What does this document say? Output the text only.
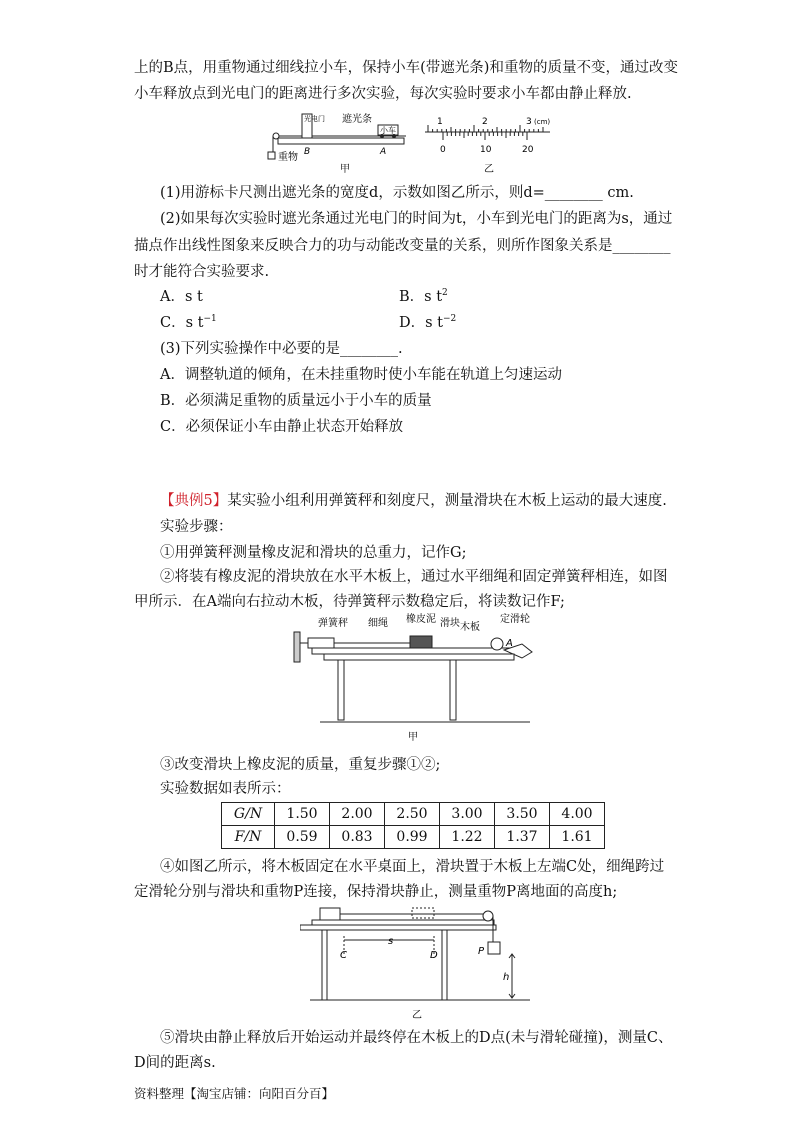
上的B点，用重物通过细线拉小车，保持小车(带遮光条)和重物的质量不变，通过改变
小车释放点到光电门的距离进行多次实验，每次实验时要求小车都由静止释放.
光电门 遮光条
小车
重物 B	A
甲
1	2	3 (cm)
0	10	20
乙
(1)用游标卡尺测出遮光条的宽度d，示数如图乙所示，则d=________ cm.
(2)如果每次实验时遮光条通过光电门的时间为t，小车到光电门的距离为s，通过
描点作出线性图象来反映合力的功与动能改变量的关系，则所作图象关系是________
时才能符合实验要求.
A．s t	B．s $t^2$
C．s $t^{-1}$	D．s $t^{-2}$
(3)下列实验操作中必要的是________.
A．调整轨道的倾角，在未挂重物时使小车能在轨道上匀速运动
B．必须满足重物的质量远小于小车的质量
C．必须保证小车由静止状态开始释放
【典例5】某实验小组利用弹簧秤和刻度尺，测量滑块在木板上运动的最大速度.
实验步骤：
①用弹簧秤测量橡皮泥和滑块的总重力，记作G;
②将装有橡皮泥的滑块放在水平木板上，通过水平细绳和固定弹簧秤相连，如图
甲所示．在A端向右拉动木板，待弹簧秤示数稳定后，将读数记作F;
弹簧秤 细绳 橡皮泥 滑块 木板
定滑轮
A
甲
③改变滑块上橡皮泥的质量，重复步骤①②;
实验数据如表所示：
G/N	1.50	2.00	2.50	3.00	3.50	4.00
F/N	0.59	0.83	0.99	1.22	1.37	1.61
④如图乙所示，将木板固定在水平桌面上，滑块置于木板上左端C处，细绳跨过
定滑轮分别与滑块和重物P连接，保持滑块静止，测量重物P离地面的高度h;
C
s
D	P
h
乙
⑤滑块由静止释放后开始运动并最终停在木板上的D点(未与滑轮碰撞)，测量C、
D间的距离s.
资料整理【淘宝店铺：向阳百分百】
